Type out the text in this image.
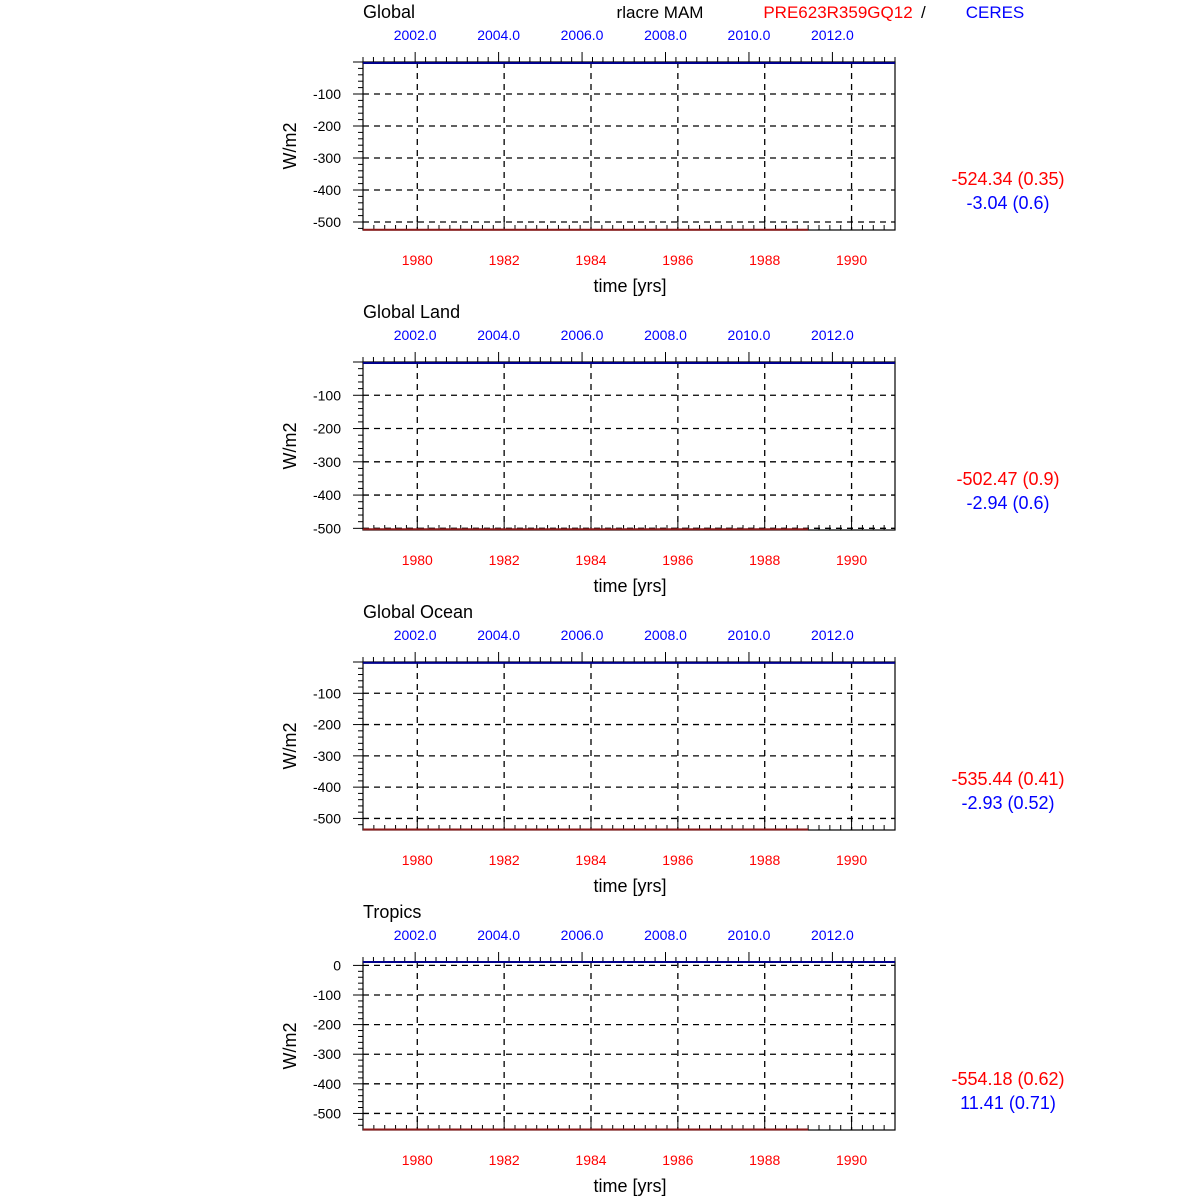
rlacre MAM	PRE623R359GQ12 / CERES
Global
2002.0	2004.0	2006.0	2008.0	2010.0	2012.0
1980	1982	1984	1986	1988	1990
-100
-200
-300
-400
-500
time [yrs]
W/m2
-524.34 (0.35)
-3.04 (0.6)
Global Land
2002.0	2004.0	2006.0	2008.0	2010.0	2012.0
1980	1982	1984	1986	1988	1990
-100
-200
-300
-400
-500
time [yrs]
W/m2
-502.47 (0.9)
-2.94 (0.6)
Global Ocean
2002.0	2004.0	2006.0	2008.0	2010.0	2012.0
1980	1982	1984	1986	1988	1990
-100
-200
-300
-400
-500
time [yrs]
W/m2
-535.44 (0.41)
-2.93 (0.52)
Tropics
2002.0	2004.0	2006.0	2008.0	2010.0	2012.0
1980	1982	1984	1986	1988	1990
0
-100
-200
-300
-400
-500
time [yrs]
W/m2
-554.18 (0.62)
11.41 (0.71)
